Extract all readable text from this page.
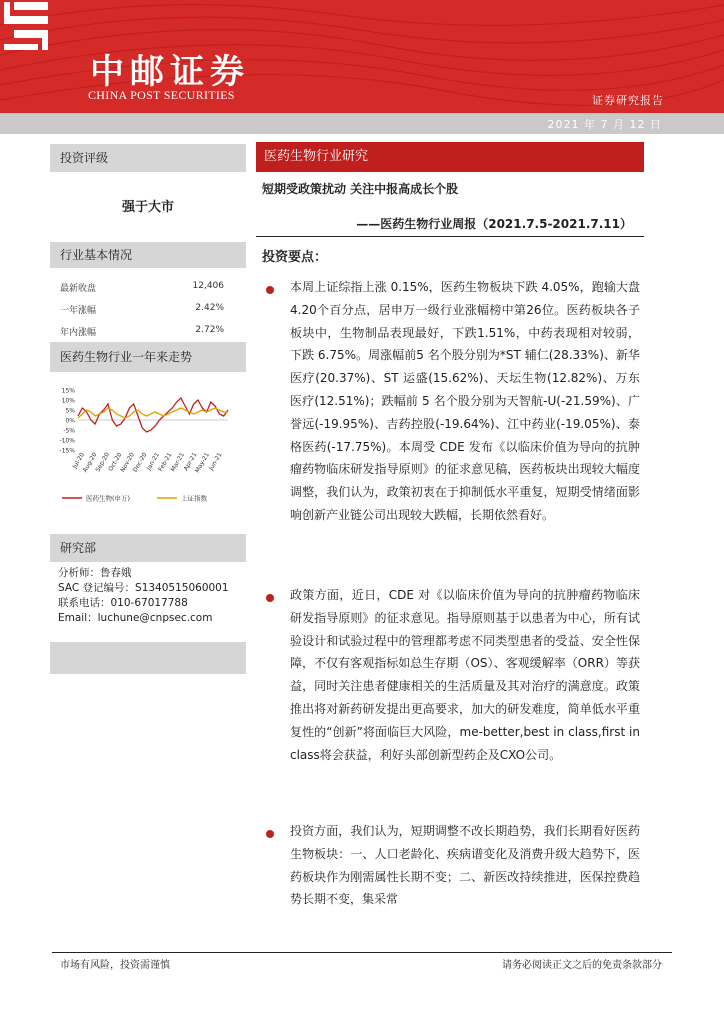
中邮证券
CHINA POST SECURITIES	证券研究报告
2021 年 7 月 12 日
投资评级
强于大市
行业基本情况
最新收盘	12,406
一年涨幅	2.42%
年内涨幅	2.72%
医药生物行业一年来走势
15%
10%
5%
0%
-5%
-10%
-15%
Jul-20
Aug-20
Sep-20
Oct-20
Nov-20
Dec-20
Jan-21
Feb-21
Mar-21
Apr-21
May-21
Jun-21
医药生物(申万)	上证指数
研究部
分析师：鲁春娥
SAC 登记编号：S1340515060001
联系电话：010-67017788
Email：luchune@cnpsec.com
医药生物行业研究
短期受政策扰动 关注中报高成长个股
——医药生物行业周报（2021.7.5-2021.7.11）
投资要点：
本周上证综指上涨 0.15%，医药生物板块下跌 4.05%，跑输大盘4.20个百分点，居申万一级行业涨幅榜中第26位。医药板块各子板块中，生物制品表现最好，下跌1.51%，中药表现相对较弱，下跌 6.75%。周涨幅前5 名个股分别为*ST 辅仁(28.33%)、新华医疗(20.37%)、ST 运盛(15.62%)、天坛生物(12.82%)、万东医疗(12.51%)；跌幅前 5 名个股分别为天智航-U(-21.59%)、广誉远(-19.95%)、吉药控股(-19.64%)、江中药业(-19.05%)、泰格医药(-17.75%)。本周受 CDE 发布《以临床价值为导向的抗肿瘤药物临床研发指导原则》的征求意见稿，医药板块出现较大幅度调整，我们认为，政策初衷在于抑制低水平重复，短期受情绪面影响创新产业链公司出现较大跌幅，长期依然看好。
政策方面，近日，CDE 对《以临床价值为导向的抗肿瘤药物临床研发指导原则》的征求意见。指导原则基于以患者为中心，所有试验设计和试验过程中的管理都考虑不同类型患者的受益、安全性保障，不仅有客观指标如总生存期（OS）、客观缓解率（ORR）等获益，同时关注患者健康相关的生活质量及其对治疗的满意度。政策推出将对新药研发提出更高要求，加大的研发难度，简单低水平重复性的“创新”将面临巨大风险，me-better,best in class,first in class将会获益，利好头部创新型药企及CXO公司。
投资方面，我们认为，短期调整不改长期趋势，我们长期看好医药生物板块：一、人口老龄化、疾病谱变化及消费升级大趋势下，医药板块作为刚需属性长期不变；二、新医改持续推进，医保控费趋势长期不变，集采常
市场有风险，投资需谨慎	请务必阅读正文之后的免责条款部分
